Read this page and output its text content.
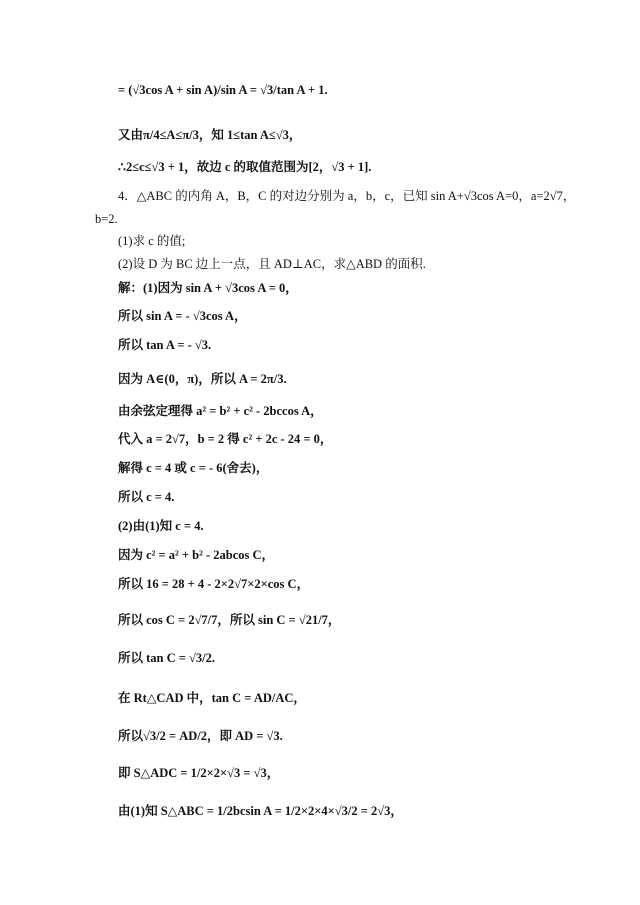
= (√3cos A + sin A)/sin A = √3/tan A + 1.
又由π/4≤A≤π/3，知 1≤tan A≤√3，
∴2≤c≤√3 + 1，故边 c 的取值范围为[2，√3 + 1].
4．△ABC 的内角 A，B，C 的对边分别为 a，b，c，已知 sin A+√3cos A=0，a=2√7，
b=2.
(1)求 c 的值;
(2)设 D 为 BC 边上一点，且 AD⊥AC，求△ABD 的面积.
解：(1)因为 sin A + √3cos A = 0，
所以 sin A = - √3cos A，
所以 tan A = - √3.
因为 A∈(0，π)，所以 A = 2π/3.
由余弦定理得 a² = b² + c² - 2bccos A，
代入 a = 2√7，b = 2 得 c² + 2c - 24 = 0，
解得 c = 4 或 c = - 6(舍去)，
所以 c = 4.
(2)由(1)知 c = 4.
因为 c² = a² + b² - 2abcos C，
所以 16 = 28 + 4 - 2×2√7×2×cos C，
所以 cos C = 2√7/7，所以 sin C = √21/7，
所以 tan C = √3/2.
在 Rt△CAD 中，tan C = AD/AC，
所以√3/2 = AD/2，即 AD = √3.
即 S△ADC = 1/2×2×√3 = √3，
由(1)知 S△ABC = 1/2bcsin A = 1/2×2×4×√3/2 = 2√3，
